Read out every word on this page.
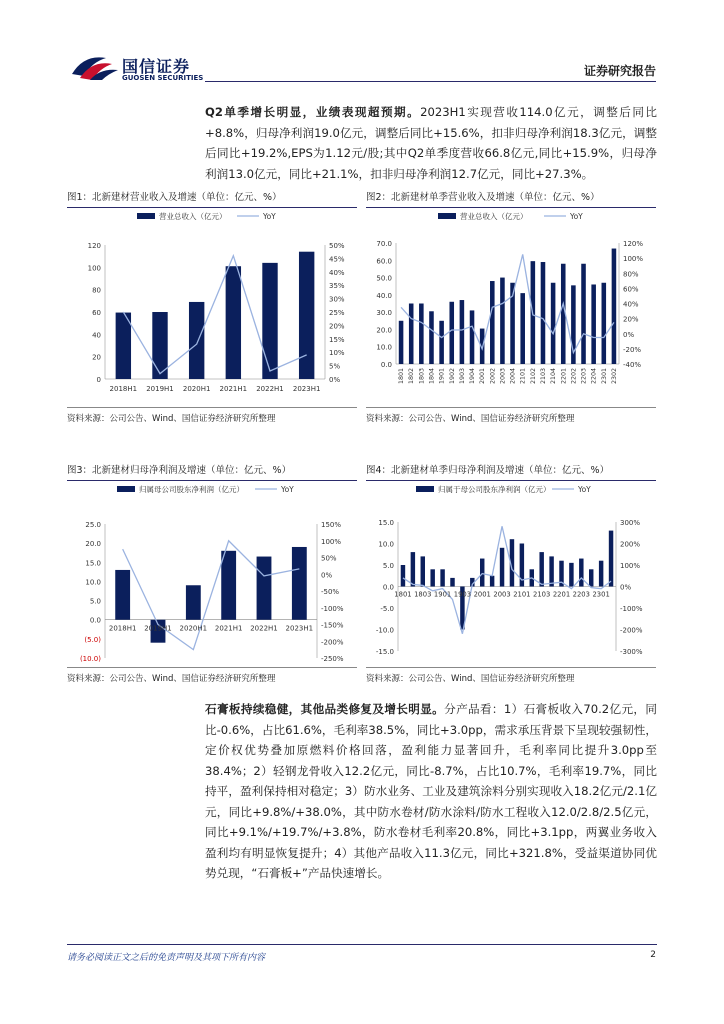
国信证券
GUOSEN SECURITIES	证券研究报告
Q2单季增长明显，业绩表现超预期。2023H1实现营收114.0亿元，调整后同比+8.8%，归母净利润19.0亿元，调整后同比+15.6%，扣非归母净利润18.3亿元，调整后同比+19.2%,EPS为1.12元/股;其中Q2单季度营收66.8亿元,同比+15.9%，归母净利润13.0亿元，同比+21.1%，扣非归母净利润12.7亿元，同比+27.3%。
图1：北新建材营业收入及增速（单位：亿元、%）
营业总收入（亿元）	YoY
0
20
40
60
80
100
120
0%
5%
10%
15%
20%
25%
30%
35%
40%
45%
50%
2018H1 2019H1 2020H1 2021H1 2022H1 2023H1
资料来源：公司公告、Wind、国信证券经济研究所整理
图2：北新建材单季营业收入及增速（单位：亿元、%）
营业总收入（亿元）	YoY
0.0
10.0
20.0
30.0
40.0
50.0
60.0
70.0
-40%
-20%
0%
20%
40%
60%
80%
100%
120%
1801 1802 1803 1804 1901 1902 1903 1904 2001 2002 2003 2004 2101 2102 2103 2104 2201 2202 2203 2204 2301 2302
资料来源：公司公告、Wind、国信证券经济研究所整理
图3：北新建材归母净利润及增速（单位：亿元、%）
归属母公司股东净利润（亿元）	YoY
(10.0)
(5.0)
0.0
5.0
10.0
15.0
20.0
25.0
-250%
-200%
-150%
-100%
-50%
0%
50%
100%
150%
2018H1 2019H1 2020H1 2021H1 2022H1 2023H1
资料来源：公司公告、Wind、国信证券经济研究所整理
图4：北新建材单季归母净利润及增速（单位：亿元、%）
归属于母公司股东净利润（亿元）	YoY
-15.0
-10.0
-5.0
0.0
5.0
10.0
15.0
-300%
-200%
-100%
0%
100%
200%
300%
1801 1803 1901 1903 2001 2003 2101 2103 2201 2203 2301
资料来源：公司公告、Wind、国信证券经济研究所整理
石膏板持续稳健，其他品类修复及增长明显。分产品看：1）石膏板收入70.2亿元，同比-0.6%，占比61.6%，毛利率38.5%，同比+3.0pp，需求承压背景下呈现较强韧性，定价权优势叠加原燃料价格回落，盈利能力显著回升，毛利率同比提升3.0pp至38.4%；2）轻钢龙骨收入12.2亿元，同比-8.7%，占比10.7%，毛利率19.7%，同比持平，盈利保持相对稳定；3）防水业务、工业及建筑涂料分别实现收入18.2亿元/2.1亿元，同比+9.8%/+38.0%，其中防水卷材/防水涂料/防水工程收入12.0/2.8/2.5亿元，同比+9.1%/+19.7%/+3.8%，防水卷材毛利率20.8%，同比+3.1pp，两翼业务收入盈利均有明显恢复提升；4）其他产品收入11.3亿元，同比+321.8%，受益渠道协同优势兑现，“石膏板+”产品快速增长。
请务必阅读正文之后的免责声明及其项下所有内容	2
